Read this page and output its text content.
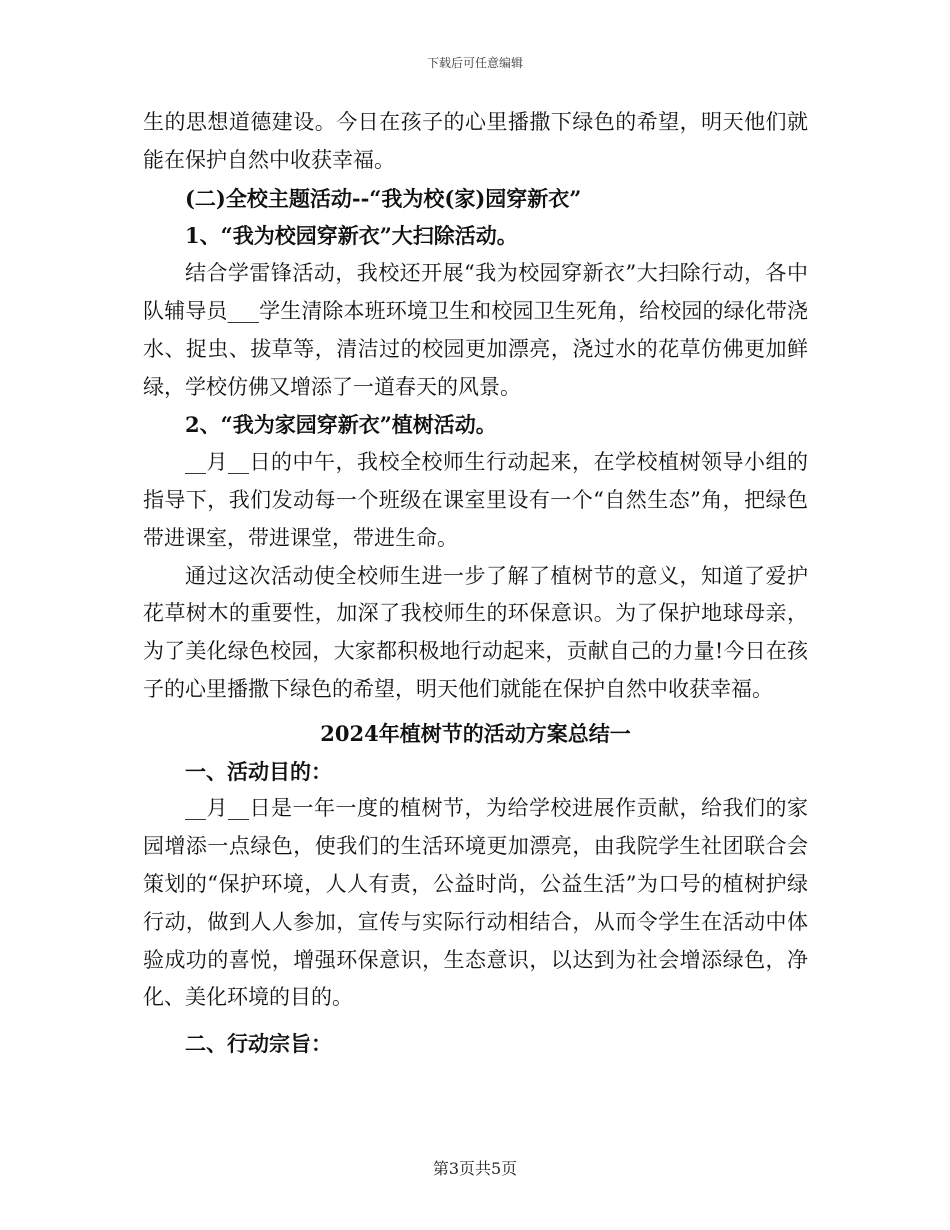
下载后可任意编辑

生的思想道德建设。今日在孩子的心里播撒下绿色的希望，明天他们就能在保护自然中收获幸福。

(二)全校主题活动--“我为校(家)园穿新衣”

1、“我为校园穿新衣”大扫除活动。

结合学雷锋活动，我校还开展“我为校园穿新衣”大扫除行动，各中队辅导员___学生清除本班环境卫生和校园卫生死角，给校园的绿化带浇水、捉虫、拔草等，清洁过的校园更加漂亮，浇过水的花草仿佛更加鲜绿，学校仿佛又增添了一道春天的风景。

2、“我为家园穿新衣”植树活动。

__月__日的中午，我校全校师生行动起来，在学校植树领导小组的指导下，我们发动每一个班级在课室里设有一个“自然生态”角，把绿色带进课室，带进课堂，带进生命。

通过这次活动使全校师生进一步了解了植树节的意义，知道了爱护花草树木的重要性，加深了我校师生的环保意识。为了保护地球母亲，为了美化绿色校园，大家都积极地行动起来，贡献自己的力量!今日在孩子的心里播撒下绿色的希望，明天他们就能在保护自然中收获幸福。

2024年植树节的活动方案总结一

一、活动目的：

__月__日是一年一度的植树节，为给学校进展作贡献，给我们的家园增添一点绿色，使我们的生活环境更加漂亮，由我院学生社团联合会策划的“保护环境，人人有责，公益时尚，公益生活”为口号的植树护绿行动，做到人人参加，宣传与实际行动相结合，从而令学生在活动中体验成功的喜悦，增强环保意识，生态意识，以达到为社会增添绿色，净化、美化环境的目的。

二、行动宗旨：

第3页共5页
